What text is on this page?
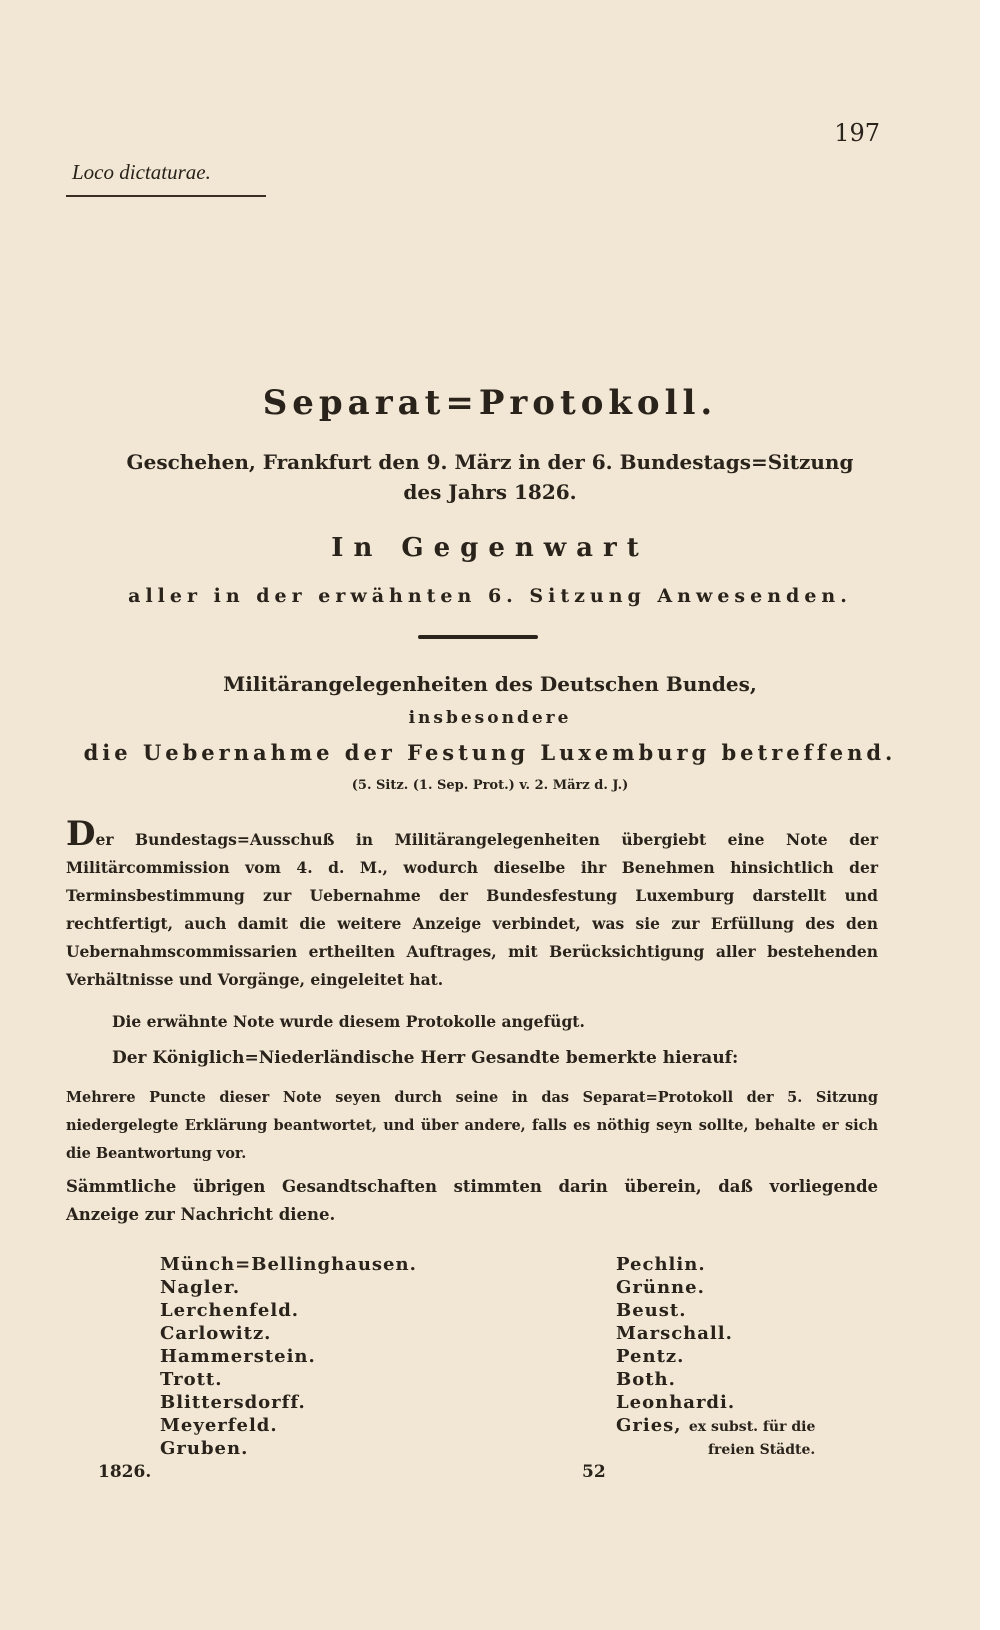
197
Loco dictaturae.
Separat=Protokoll.
Geschehen, Frankfurt den 9. März in der 6. Bundestags=Sitzung
des Jahrs 1826.
In Gegenwart
aller in der erwähnten 6. Sitzung Anwesenden.
Militärangelegenheiten des Deutschen Bundes,
insbesondere
die Uebernahme der Festung Luxemburg betreffend.
(5. Sitz. (1. Sep. Prot.) v. 2. März d. J.)
Der Bundestags=Ausschuß in Militärangelegenheiten übergiebt eine Note der Militärcommission vom 4. d. M., wodurch dieselbe ihr Benehmen hinsichtlich der Terminsbestimmung zur Uebernahme der Bundesfestung Luxemburg darstellt und rechtfertigt, auch damit die weitere Anzeige verbindet, was sie zur Erfüllung des den Uebernahmscommissarien ertheilten Auftrages, mit Berücksichtigung aller bestehenden Verhältnisse und Vorgänge, eingeleitet hat.
Die erwähnte Note wurde diesem Protokolle angefügt.
Der Königlich=Niederländische Herr Gesandte bemerkte hierauf:
Mehrere Puncte dieser Note seyen durch seine in das Separat=Protokoll der 5. Sitzung niedergelegte Erklärung beantwortet, und über andere, falls es nöthig seyn sollte, behalte er sich die Beantwortung vor.
Sämmtliche übrigen Gesandtschaften stimmten darin überein, daß vorliegende Anzeige zur Nachricht diene.
Münch=Bellinghausen.
Nagler.
Lerchenfeld.
Carlowitz.
Hammerstein.
Trott.
Blittersdorff.
Meyerfeld.
Gruben.
Pechlin.
Grünne.
Beust.
Marschall.
Pentz.
Both.
Leonhardi.
Gries, ex subst. für die
freien Städte.
1826.	52
